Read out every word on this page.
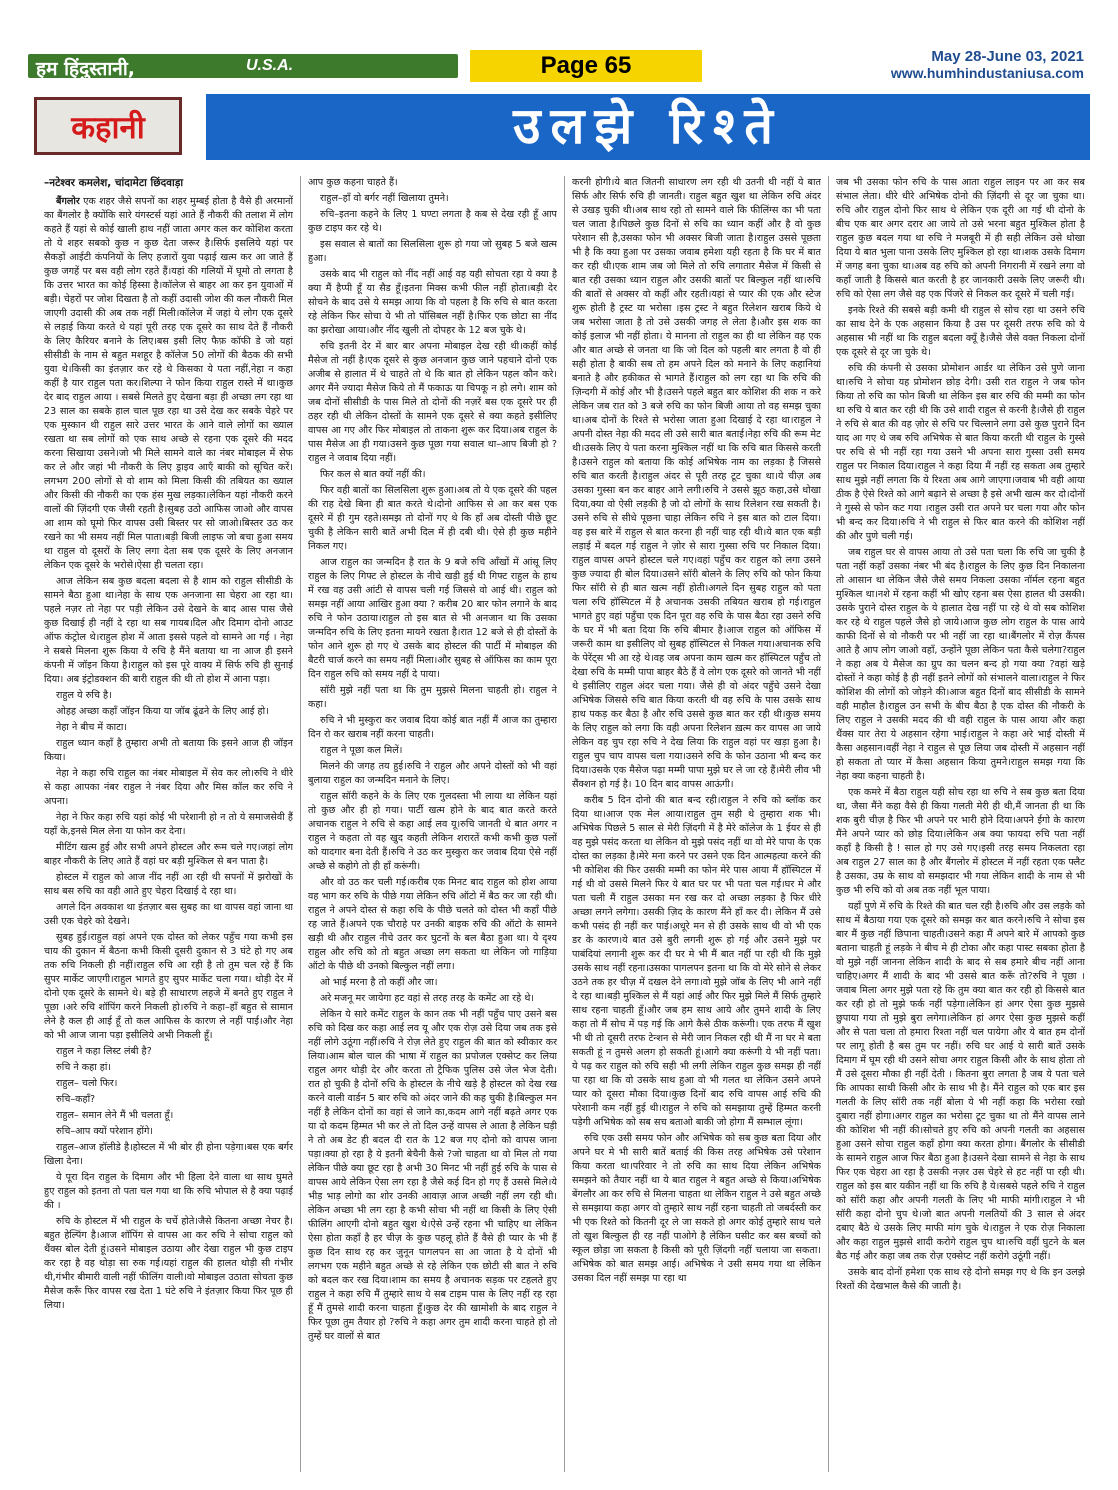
हम हिंदुस्तानी,	U.S.A.	Page 65	May 28-June 03, 2021
www.humhindustaniusa.com
कहानी	उलझे रिश्ते

–नटेश्वर कमलेश, चांदामेटा छिंदवाड़ा

बैंगलोर एक शहर जैसे सपनों का शहर मुम्बई होता है वैसे ही अरमानों का बैंगलोर है क्योंकि सारे यंगस्टर्स यहां आते हैं नौकरी की तलाश में लोग कहते हैं यहां से कोई खाली हाथ नहीं जाता अगर कल कर कोशिश करता तो ये शहर सबको कुछ न कुछ देता जरूर है।सिर्फ इसलिये यहां पर सैकड़ों आईटी कंपनियों के लिए हजारों युवा पढ़ाई खत्म कर आ जाते हैं कुछ जगहें पर बस वही लोग रहते हैं।यहां की गलियों में घूमो तो लगता है कि उत्तर भारत का कोई हिस्सा है।कॉलेज से बाहर आ कर इन युवाओं में बड़ी। चेहरों पर जोश दिखता है तो कहीं उदासी जोश की कल नौकरी मिल जाएगी उदासी की अब तक नहीं मिली।कॉलेज में जहां ये लोग एक दूसरे से लड़ाई किया करते थे यहां पूरी तरह एक दूसरे का साथ देते हैं नौकरी के लिए कैरियर बनाने के लिए।बस इसी लिए फैफ़ कॉफी डे जो यहां सीसीडी के नाम से बहुत मशहूर है कॉलेज 50 लोगों की बैठक की सभी युवा थे।किसी का इंतज़ार कर रहे थे किसका ये पता नहीं,नेहा न कहा कहीं है यार राहुल पता कर।शिल्पा ने फोन किया राहुल रास्ते में था।कुछ देर बाद राहुल आया । सबसे मिलते हुए देखना बड़ा ही अच्छा लग रहा था 23 साल का सबके हाल चाल पूछ रहा था उसे देख कर सबके चेहरे पर एक मुस्कान थी राहुल सारे उत्तर भारत के आने वाले लोगों का ख्याल रखता था सब लोगों को एक साथ अच्छे से रहना एक दूसरे की मदद करना सिखाया उसने।जो भी मिले सामने वाले का नंबर मोबाइल में सेफ कर ले और जहां भी नौकरी के लिए ड्राइव आएँ बाकी को सूचित करें।लगभग 200 लोगों से वो शाम को मिला किसी की तबियत का ख्याल और किसी की नौकरी का एक हंस मुख लड़का।लेकिन यहां नौकरी करने वालों की ज़िंदगी एक जैसी रहती है।सुबह उठो आफिस जाओ और वापस आ शाम को घूमो फिर वापस उसी बिस्तर पर सो जाओ।बिस्तर उठ कर रखने का भी समय नहीं मिल पाता।बड़ी बिजी लाइफ जो बचा हुआ समय था राहुल वो दूसरों के लिए लगा देता सब एक दूसरे के लिए अनजान लेकिन एक दूसरे के भरोसे।ऐसा ही चलता रहा।

आज लेकिन सब कुछ बदला बदला से है शाम को राहुल सीसीडी के सामने बैठा हुआ था।नेहा के साथ एक अनजाना सा चेहरा आ रहा था।पहले नज़र तो नेहा पर पड़ी लेकिन उसे देखने के बाद आस पास जैसे कुछ दिखाई ही नहीं दे रहा था सब गायब।दिल और दिमाग दोनो आउट ऑफ कंट्रोल थे।राहुल होश में आता इससे पहले वो सामने आ गई । नेहा ने सबसे मिलना शुरू किया ये रुचि है मैंने बताया था ना आज ही इसने कंपनी में जॉइन किया है।राहुल को इस पूरे वाक्य में सिर्फ रुचि ही सुनाई दिया। अब इंट्रोडक्शन की बारी राहुल की थी तो होश में आना पड़ा।

राहुल ये रुचि है।

ओहह अच्छा कहाँ जॉइन किया या जॉब ढूंढने के लिए आई हो।

नेहा ने बीच में काटा।

राहुल ध्यान कहाँ है तुम्हारा अभी तो बताया कि इसने आज ही जॉइन किया।

नेहा ने कहा रुचि राहुल का नंबर मोबाइल में सेव कर लो।रुचि ने धीरे से कहा आपका नंबर राहुल ने नंबर दिया और मिस कॉल कर रुचि ने अपना।

नेहा ने फिर कहा रुचि यहां कोई भी परेशानी हो न तो ये समाजसेवी हैं यहाँ के,इनसे मिल लेना या फोन कर देना।

मीटिंग खत्म हुई और सभी अपने होस्टल और रूम चले गए।जहां लोग बाहर नौकरी के लिए आते हैं वहां घर बड़ी मुश्किल से बन पाता है।

होस्टल में राहुल को आज नींद नहीं आ रही थी सपनों में झरोखों के साथ बस रुचि का वही आते हुए चेहरा दिखाई दे रहा था।

अगले दिन अवकाश था इंतज़ार बस सुबह का था वापस वहां जाना था उसी एक चेहरे को देखने।

सुबह हुई।राहुल वहां अपने एक दोस्त को लेकर पहुँच गया कभी इस चाय की दुकान में बैठना कभी किसी दूसरी दुकान से 3 घंटे हो गए अब तक रुचि निकली ही नहीं।राहुल रुचि आ रही है तो तुम चल रहे हैं कि सुपर मार्केट जाएगी।राहुल भागते हुए सुपर मार्केट चला गया। थोड़ी देर में दोनो एक दूसरे के सामने थे। बड़े ही साधारण लहजे में बनते हुए राहुल ने पूछा ।अरे रुचि शॉपिंग करने निकली हो।रुचि ने कहा–हाँ बहुत से सामान लेने है कल ही आई हूँ तो कल आफिस के कारण ले नहीं पाई।और नेहा को भी आज जाना पड़ा इसीलिये अभी निकली हूँ।

राहुल ने कहा लिस्ट लंबी है?

रुचि ने कहा हां।

राहुल– चलो फिर।

रुचि–कहाँ?

राहुल– समान लेने मैं भी चलता हूँ।

रुचि–आप क्यों परेशान होंगे।

राहुल–आज हॉलीडे है।होस्टल में भी बोर ही होना पड़ेगा।बस एक बर्गर खिला देना।

ये पूरा दिन राहुल के दिमाग और भी हिला देने वाला था साथ घुमते हुए राहुल को इतना तो पता चल गया था कि रुचि भोपाल से है क्या पढ़ाई की ।

रुचि के होस्टल में भी राहुल के चर्चे होते।जैसे कितना अच्छा नेचर है।बहुत हेल्पिंग है।आज शॉपिंग से वापस आ कर रुचि ने सोचा राहुल को थैंक्स बोल देती हूं।उसने मोबाइल उठाया और देखा राहुल भी कुछ टाइप कर रहा है वह थोड़ा सा रुक गई।यहां राहुल की हालत थोड़ी सी गंभीर थी,गंभीर बीमारी वाली नहीं फीलिंग वाली।वो मोबाइल उठाता सोचता कुछ मैसेज करूँ फिर वापस रख देता 1 घंटे रुचि ने इंतज़ार किया फिर पूछ ही लिया।

आप कुछ कहना चाहते हैं।

राहुल–हाँ वो बर्गर नहीं खिलाया तुमने।

रुचि–इतना कहने के लिए 1 घण्टा लगता है कब से देख रही हूँ आप कुछ टाइप कर रहे थे।

इस सवाल से बातों का सिलसिला शुरू हो गया जो सुबह 5 बजे खत्म हुआ।

उसके बाद भी राहुल को नींद नहीं आई वह यही सोचता रहा ये क्या है क्या मैं हैप्पी हूँ या सैड हूँ।इतना मिक्स कभी फील नहीं होता।बड़ी देर सोचने के बाद उसे ये समझ आया कि वो पहला है कि रुचि से बात करता रहे लेकिन फिर सोचा ये भी तो पॉसिबल नहीं है।फिर एक छोटा सा नींद का झरोखा आया।और नींद खुली तो दोपहर के 12 बज चुके थे।

रुचि इतनी देर में बार बार अपना मोबाइल देख रही थी।कहीं कोई मैसेज तो नहीं है।एक दूसरे से कुछ अनजान कुछ जाने पहचाने दोनो एक अजीब से हालात में थे चाहते तो थे कि बात हो लेकिन पहल कौन करे।अगर मैंने ज्यादा मैसेज किये तो मैं फकाऊ या चिपकू न हो लगे। शाम को जब दोनों सीसीडी के पास मिले तो दोनों की नज़रें बस एक दूसरे पर ही ठहर रही थी लेकिन दोस्तों के सामने एक दूसरे से क्या कहते इसीलिए वापस आ गए और फिर मोबाइल तो ताकना शुरू कर दिया।अब राहुल के पास मैसेज आ ही गया।उसने कुछ पूछा गया सवाल था–आप बिजी हो ?राहुल ने जवाब दिया नहीं।

फिर कल से बात क्यों नहीं की।

फिर वही बातों का सिलसिला शुरू हुआ।अब तो ये एक दूसरे की पहल की राह देखे बिना ही बात करते थे।दोनो आफिस से आ कर बस एक दूसरे में ही गुम रहते।समझ तो दोनों गए थे कि हाँ अब दोस्ती पीछे छूट चुकी है लेकिन सारी बातें अभी दिल में ही दबी थी। ऐसे ही कुछ महीने निकल गए।

आज राहुल का जन्मदिन है रात के 9 बजे रुचि आँखों में आंसू लिए राहुल के लिए गिफ्ट ले होस्टल के नीचे खड़ी हुई थी गिफ्ट राहुल के हाथ में रख वह उसी आंटी से वापस चली गई जिससे वो आई थी। राहुल को समझ नहीं आया आखिर हुआ क्या ? करीब 20 बार फोन लगाने के बाद रुचि ने फोन उठाया।राहुल तो इस बात से भी अनजान था कि उसका जन्मदिन रुचि के लिए इतना मायने रखता है।रात 12 बजे से ही दोस्तों के फोन आने शुरू हो गए थे उसके बाद होस्टल की पार्टी में मोबाइल की बैटरी चार्ज करने का समय नहीं मिला।और सुबह से ऑफिस का काम पूरा दिन राहुल रुचि को समय नहीं दे पाया।

सॉरी मुझे नहीं पता था कि तुम मुझसे मिलना चाहती हो। राहुल ने कहा।

रुचि ने भी मुस्कुरा कर जवाब दिया कोई बात नहीं मैं आज का तुम्हारा दिन रो कर खराब नहीं करना चाहती।

राहुल ने पूछा कल मिलें।

मिलने की जगह तय हुई।रुचि ने राहुल और अपने दोस्तों को भी वहां बुलाया राहुल का जन्मदिन मनाने के लिए।

राहुल सॉरी कहने के के लिए एक गुलदस्ता भी लाया था लेकिन यहां तो कुछ और ही हो गया। पार्टी खत्म होने के बाद बात करते करते अचानक राहुल ने रुचि से कहा आई लव यू।रुचि जानती थे बात अगर न राहुल ने कहता तो वह खुद कहती लेकिन शरारतें कभी कभी कुछ पलों को यादगार बना देती हैं।रुचि ने उठ कर मुस्कुरा कर जवाब दिया ऐसे नहीं अच्छे से कहोगे तो ही हाँ करूंगी।

और वो उठ कर चली गई।करीब एक मिनट बाद राहुल को होश आया वह भाग कर रुचि के पीछे गया लेकिन रुचि ऑटो में बैठ कर जा रही थी।राहुल ने अपने दोस्त से कहा रुचि के पीछे चलते को दोस्त भी कहाँ पीछे रह जाते हैं।अपने एक चौराहे पर उनकी बाइक रुचि की ऑटो के सामने खड़ी थी और राहुल नीचे उतर कर घुटनों के बल बैठा हुआ था। ये दृश्य राहुल और रुचि को तो बहुत अच्छा लग सकता था लेकिन जो गाड़िया ऑटो के पीछे थी उनको बिल्कुल नहीं लगा।

ओ भाई मरना है तो कहीं और जा।

अरे मजनू मर जायेगा हट वहां से तरह तरह के कमेंट आ रहे थे।

लेकिन ये सारे कमेंट राहुल के कान तक भी नहीं पहुँच पाए उसने बस रुचि को दिख कर कहा आई लव यू और एक रोज़ उसे दिया जब तक इसे नहीं लोगे उठूंगा नहीं।रुचि ने रोज़ लेते हुए राहुल की बात को स्वीकार कर लिया।आम बोल चाल की भाषा में राहुल का प्रपोजल एक्सेप्ट कर लिया राहुल अगर थोड़ी देर और करता तो ट्रैफिक पुलिस उसे जेल भेज देती। रात हो चुकी है दोनों रुचि के होस्टल के नीचे खड़े है होस्टल को देख रख करने वाली वार्डन 5 बार रुचि को अंदर जाने की कह चुकी है।बिल्कुल मन नहीं है लेकिन दोनों का वहां से जाने का,कदम आगे नहीं बढ़ते अगर एक या दो कदम हिम्मत भी कर ले तो दिल उन्हें वापस ले आता है लेकिन घड़ी ने तो अब डेट ही बदल दी रात के 12 बज गए दोनो को वापस जाना पड़ा।क्या हो रहा है ये इतनी बेचैनी कैसे ?जो चाहता था वो मिल तो गया लेकिन पीछे क्या छूट रहा है अभी 30 मिनट भी नहीं हुई रुचि के पास से वापस आये लेकिन ऐसा लग रहा है जैसे कई दिन हो गए हैं उससे मिले।ये भीड़ भाड़ लोगो का शोर उनकी आवाज़ आज अच्छी नहीं लग रही थी।लेकिन अच्छा भी लग रहा है कभी सोचा भी नहीं था किसी के लिए ऐसी फीलिंग आएगी दोनो बहुत खुश थे।ऐसे उन्हें रहना भी चाहिए था लेकिन ऐसा होता कहाँ है हर चीज़ के कुछ पहलू होते हैं वैसे ही प्यार के भी हैं कुछ दिन साथ रह कर जुनून पागलपन सा आ जाता है ये दोनों भी लगभग एक महीने बहुत अच्छे से रहे लेकिन एक छोटी सी बात ने रुचि को बदल कर रख दिया।शाम का समय है अचानक सड़क पर टहलते हुए राहुल ने कहा रुचि मैं तुम्हारे साथ ये सब टाइम पास के लिए नहीं रह रहा हूँ मैं तुमसे शादी करना चाहता हूँ।कुछ देर की खामोशी के बाद राहुल ने फिर पूछा तुम तैयार हो ?रुचि ने कहा अगर तुम शादी करना चाहते हो तो तुम्हें घर वालों से बात

करनी होगी।ये बात जितनी साधारण लग रही थी उतनी थी नहीं ये बात सिर्फ और सिर्फ रुचि ही जानती। राहुल बहुत खुश था लेकिन रुचि अंदर से उखड़ चुकी थी।अब साथ रहो तो सामने वाले कि फीलिंग्स का भी पता चल जाता है।पिछले कुछ दिनों से रुचि का ध्यान कहीं और है वो कुछ परेशान सी है,उसका फोन भी अक्सर बिजी जाता है।राहुल उससे पूछता भी है कि क्या हुआ पर उसका जवाब हमेशा यही रहता है कि घर में बात कर रही थी।एक शाम जब जो मिले तो रुचि लगातार मैसेज में किसी से बात रही उसका ध्यान राहुल और उसकी बातों पर बिल्कुल नहीं था।रुचि की बातों से अक्सर वो कहीं और रहती।यहां से प्यार की एक और स्टेज शुरू होती है ट्रस्ट या भरोसा ।इस ट्रस्ट ने बहुत रिलेशन खराब किये थे जब भरोसा जाता है तो उसे उसकी जगह ले लेता है।और इस शक का कोई इलाज भी नहीं होता। ये मानना तो राहुल का ही था लेकिन वह एक और बात अच्छे से जनता था कि जो दिल को पहली बार लगता है वो ही सही होता है बाकी सब तो हम अपने दिल को मनाने के लिए कहानियां बनाते है और हकीकत से भागते हैं।राहुल को लग रहा था कि रुचि की ज़िन्दगी में कोई और भी है।उसने पहले बहुत बार कोशिश की शक न करे लेकिन जब रात को 3 बजे रुचि का फोन बिजी आया तो वह समझ चुका था।अब दोनों के रिश्ते से भरोसा जाता हुआ दिखाई दे रहा था।राहुल ने अपनी दोस्त नेहा की मदद ली उसे सारी बात बताई।नेहा रुचि की रूम मेट थी।उसके लिए ये पता करना मुश्किल नहीं था कि रुचि बात किससे करती है।उसने राहुल को बताया कि कोई अभिषेक नाम का लड़का है जिससे रुचि बात करती है।राहुल अंदर से पूरी तरह टूट चुका था।ये चीज़ अब उसका गुस्सा बन कर बाहर आने लगी।रुचि ने उससे झूठ कहा,उसे धोखा दिया,क्या वो ऐसी लड़की है जो दो लोगों के साथ रिलेशन रख सकती है।उसने रुचि से सीधे पूछना चाहा लेकिन रुचि ने इस बात को टाल दिया। वह इस बारे में राहुल से बात करना ही नहीं चाह रही थी।ये बात एक बड़ी लड़ाई में बदल गई राहुल ने ज़ोर से सारा गुस्सा रुचि पर निकाल दिया।राहुल वापस अपने होस्टल चले गए।वहां पहुँच कर राहुल को लगा उसने कुछ ज्यादा ही बोल दिया।उसने सॉरी बोलने के लिए रुचि को फोन किया फिर सॉरी से ही बात खत्म नहीं होती।अगले दिन सुबह राहुल को पता चला रुचि हॉस्पिटल में है अचानक उसकी तबियत खराब हो गई।राहुल भागते हुए वहां पहुँचा एक दिन पूरा वह रुचि के पास बैठा रहा उसने रुचि के घर में भी बता दिया कि रुचि बीमार है।आज राहुल को ऑफिस में जरूरी काम था इसीलिए वो सुबह हॉस्पिटल से निकल गया।अचानक रुचि के पेरेंट्स भी आ रहे थे।वह जब अपना काम खत्म कर हॉस्पिटल पहुँच तो देखा रुचि के मम्मी पापा बाहर बैठे हैं वे लोग एक दूसरे को जानते भी नहीं थे इसीलिए राहुल अंदर चला गया। जैसे ही वो अंदर पहुँचे उसने देखा अभिषेक जिससे रुचि बात किया करती थी वह रुचि के पास उसके साथ हाथ पकड़ कर बैठा है और रुचि उससे कुछ बात कर रही थी।कुछ समय के लिए राहुल को लगा कि वही अपना रिलेशन ख़त्म कर वापस आ जाये लेकिन वह चुप रहा रुचि ने देख लिया कि राहुल वहां पर खड़ा हुआ है।राहुल चुप चाप वापस चला गया।उसने रुचि के फोन उठाना भी बन्द कर दिया।उसके एक मैसेज पढ़ा मम्मी पापा मुझे घर ले जा रहे हैं।मेरी लीव भी सैंक्शन हो गई है। 10 दिन बाद वापस आऊंगी।

करीब 5 दिन दोनो की बात बन्द रही।राहुल ने रुचि को ब्लॉक कर दिया था।आज एक मेल आया।राहुल तुम सही थे तुम्हारा शक भी।अभिषेक पिछले 5 साल से मेरी ज़िंदगी में है मेरे कॉलेज के 1 ईयर से ही वह मुझे पसंद करता था लेकिन वो मुझे पसंद नहीं था वो मेरे पापा के एक दोस्त का लड़का है।मेरे मना करने पर उसने एक दिन आत्महत्या करने की भी कोशिश की फिर उसकी मम्मी का फोन मेरे पास आया मैं हॉस्पिटल में गई थी वो उससे मिलने फिर ये बात घर पर भी पता चल गई।घर मे और पता चली मैं राहुल उसका मन रख कर दो अच्छा लड़का है फिर धीरे अच्छा लगने लगेगा। उसकी ज़िद के कारण मैंने हाँ कर दी। लेकिन मैं उसे कभी पसंद ही नहीं कर पाई।अधूरे मन से ही उसके साथ थी वो भी एक डर के कारण।ये बात उसे बुरी लगनी शुरू हो गई और उसने मुझे पर पाबंदियां लगानी शुरू कर दी घर मे भी मैं बात नहीं पा रही थी कि मुझे उसके साथ नहीं रहना।उसका पागलपन इतना था कि वो मेरे सोने से लेकर उठने तक हर चीज़ में दखल देने लगा।वो मुझे जॉब के लिए भी आने नहीं दे रहा था।बड़ी मुश्किल से मैं यहां आई और फिर मुझे मिले मैं सिर्फ तुम्हारे साथ रहना चाहती हूँ।और जब हम साथ आये और तुमने शादी के लिए कहा तो मैं सोच में पड़ गई कि आगे कैसे ठीक करूंगी। एक तरफ मैं खुश भी थी तो दूसरी तरफ टेन्शन से मेरी जान निकल रही थी मैं ना घर मे बता सकती हूं न तुमसे अलग हो सकती हूं।आगे क्या करूंगी ये भी नहीं पता। ये पढ़ कर राहुल को रुचि सही भी लगी लेकिन राहुल कुछ समझ ही नहीं पा रहा था कि वो उसके साथ हुआ वो भी गलत था लेकिन उसने अपने प्यार को दूसरा मौका दिया।कुछ दिनों बाद रुचि वापस आई रुचि की परेशानी कम नहीं हुई थी।राहुल ने रुचि को समझाया तुम्हें हिम्मत करनी पड़ेगी अभिषेक को सब सच बताओ बाकी जो होगा मैं सम्भाल लूंगा।

रुचि एक उसी समय फोन और अभिषेक को सब कुछ बता दिया और अपने घर मे भी सारी बातें बताई की किस तरह अभिषेक उसे परेशान किया करता था।परिवार ने तो रुचि का साथ दिया लेकिन अभिषेक समझने को तैयार नहीं था ये बात राहुल ने बहुत अच्छे से किया।अभिषेक बेंगलौर आ कर रुचि से मिलना चाहता था लेकिन राहुल ने उसे बहुत अच्छे से समझाया कहा अगर वो तुम्हारे साथ नहीं रहना चाहती तो जबर्दस्ती कर भी एक रिश्ते को कितनी दूर ले जा सकते हो अगर कोई तुम्हारे साथ चले तो खुश बिल्कुल ही रह नहीं पाओगे है लेकिन घसीट कर बस बच्चों को स्कूल छोड़ा जा सकता है किसी को पूरी ज़िंदगी नहीं चलाया जा सकता।अभिषेक को बात समझ आई। अभिषेक ने उसी समय गया था लेकिन उसका दिल नहीं समझ पा रहा था

जब भी उसका फोन रुचि के पास आता राहुल लाइन पर आ कर सब संभाल लेता। धीरे धीरे अभिषेक दोनो की ज़िंदगी से दूर जा चुका था। रुचि और राहुल दोनो फिर साथ थे लेकिन एक दूरी आ गई थी दोनो के बीच एक बार अगर दरार आ जाये तो उसे भरना बहुत मुश्किल होता है राहुल कुछ बदल गया था रुचि ने मजबूरी में ही सही लेकिन उसे धोखा दिया ये बात भुला पाना उसके लिए मुश्किल हो रहा था।शक उसके दिमाग में जगह बना चुका था।अब वह रुचि को अपनी निगरानी में रखने लगा वो कहाँ जाती है किससे बात करती है हर जानकारी उसके लिए जरूरी थी।रुचि को ऐसा लग जैसे वह एक पिंजरे से निकल कर दूसरे में चली गई।

इनके रिश्ते की सबसे बड़ी कमी थी राहुल से सोच रहा था उसने रुचि का साथ देने के एक अहसान किया है उस पर दूसरी तरफ रुचि को ये अहसास भी नहीं था कि राहुल बदला क्यूँ है।जैसे जैसे वक्त निकला दोनों एक दूसरे से दूर जा चुके थे।

रुचि की कंपनी से उसका प्रोमोशन आर्डर था लेकिन उसे पुणे जाना था।रुचि ने सोचा यह प्रोमोशन छोड़ देगी। उसी रात राहुल ने जब फोन किया तो रुचि का फोन बिजी था लेकिन इस बार रुचि की मम्मी का फोन था रुचि ये बात कर रही थी कि उसे शादी राहुल से करनी है।जैसे ही राहुल ने रुचि से बात की वह ज़ोर से रुचि पर चिल्लाने लगा उसे कुछ पुराने दिन याद आ गए थे जब रुचि अभिषेक से बात किया करती थी राहुल के गुस्से पर रुचि से भी नहीं रहा गया उसने भी अपना सारा गुस्सा उसी समय राहुल पर निकाल दिया।राहुल ने कहा दिया मैं नहीं रह सकता अब तुम्हारे साथ मुझे नहीं लगता कि ये रिश्ता अब आगे जाएगा।जवाब भी वही आया ठीक है ऐसे रिश्ते को आगे बढ़ाने से अच्छा है इसे अभी खत्म कर दो।दोनों ने गुस्से से फोन कट गया ।राहुल उसी रात अपने घर चला गया और फोन भी बन्द कर दिया।रुचि ने भी राहुल से फिर बात करने की कोशिश नहीं की और पुणे चली गई।

जब राहुल घर से वापस आया तो उसे पता चला कि रुचि जा चुकी है पता नहीं कहाँ उसका नंबर भी बंद है।राहुल के लिए कुछ दिन निकालना तो आसान था लेकिन जैसे जैसे समय निकला उसका नॉर्मल रहना बहुत मुश्किल था।नशे में रहना कहीं भी खोए रहना बस ऐसा हालत थी उसकी।उसके पुराने दोस्त राहुल के ये हालात देख नहीं पा रहे थे वो सब कोशिश कर रहे थे राहुल पहले जैसे हो जाये।आज कुछ लोग राहुल के पास आये काफी दिनों से वो नौकरी पर भी नहीं जा रहा था।बैंगलोर में रोज़ कैंपस आते है आप लोग जाओ वहाँ, उन्होंने पूछा लेकिन पता कैसे चलेगा?राहुल ने कहा अब ये मैसेज का ग्रुप का चलन बन्द हो गया क्या ?वहां खड़े दोस्तों ने कहा कोई है ही नहीं इतने लोगों को संभालने वाला।राहुल ने फिर कोशिश की लोगों को जोड़ने की।आज बहुत दिनों बाद सीसीडी के सामने वही माहौल है।राहुल उन सभी के बीच बैठा है एक दोस्त की नौकरी के लिए राहुल ने उसकी मदद की थी वही राहुल के पास आया और कहा थैंक्स यार तेरा ये अहसान रहेगा भाई।राहुल ने कहा अरे भाई दोस्ती में कैसा अहसान।वहीं नेहा ने राहुल से पूछ लिया जब दोस्ती में अहसान नहीं हो सकता तो प्यार में कैसा अहसान किया तुमने।राहुल समझ गया कि नेहा क्या कहना चाहती है।

एक कमरे में बैठा राहुल यही सोच रहा था रुचि ने सब कुछ बता दिया था, जैसा मैंने कहा वैसे ही किया गलती मेरी ही थी,मैं जानता ही था कि शक बुरी चीज़ है फिर भी अपने पर भारी होने दिया।अपने ईगो के कारण मैंने अपने प्यार को छोड़ दिया।लेकिन अब क्या फायदा रुचि पता नहीं कहाँ है किसी है ! साल हो गए उसे गए।इसी तरह समय निकलता रहा अब राहुल 27 साल का है और बैंगलोर में होस्टल में नहीं रहता एक फ्लैट है उसका, उम्र के साथ वो समझदार भी गया लेकिन शादी के नाम से भी कुछ भी रुचि को वो अब तक नहीं भूल पाया।

यहाँ पुणे में रुचि के रिश्ते की बात चल रही है।रुचि और उस लड़के को साथ में बैठाया गया एक दूसरे को समझ कर बात करने।रुचि ने सोचा इस बार मैं कुछ नहीं छिपाना चाहती।उसने कहा मैं अपने बारे में आपको कुछ बताना चाहती हूं लड़के ने बीच मे ही टोका और कहा पास्ट सबका होता है वो मुझे नहीं जानना लेकिन शादी के बाद से सब हमारे बीच नहीं आना चाहिए।अगर मैं शादी के बाद भी उससे बात करूँ तो?रुचि ने पूछा । जवाब मिला अगर मुझे पता रहे कि तुम क्या बात कर रही हो किससे बात कर रही हो तो मुझे फर्क नहीं पड़ेगा।लेकिन हां अगर ऐसा कुछ मुझसे छुपाया गया तो मुझे बुरा लगेगा।लेकिन हां अगर ऐसा कुछ मुझसे कहीं और से पता चला तो हमारा रिश्ता नहीं चल पायेगा और ये बात हम दोनों पर लागू होती है बस तुम पर नहीं। रुचि घर आई ये सारी बातें उसके दिमाग में घूम रही थी उसने सोचा अगर राहुल किसी और के साथ होता तो मैं उसे दूसरा मौका ही नहीं देती । कितना बुरा लगता है जब ये पता चले कि आपका साथी किसी और के साथ भी है। मैंने राहुल को एक बार इस गलती के लिए सॉरी तक नहीं बोला ये भी नहीं कहा कि भरोसा रखो दुबारा नहीं होगा।अगर राहुल का भरोसा टूट चुका था तो मैंने वापस लाने की कोशिश भी नहीं की।सोचते हुए रुचि को अपनी गलती का अहसास हुआ उसने सोचा राहुल कहाँ होगा क्या करता होगा। बैंगलोर के सीसीडी के सामने राहुल आज फिर बैठा हुआ है।उसने देखा सामने से नेहा के साथ फिर एक चेहरा आ रहा है उसकी नज़र उस चेहरे से हट नहीं पा रही थी।राहुल को इस बार यकीन नहीं था कि रुचि है ये।सबसे पहले रुचि ने राहुल को सॉरी कहा और अपनी गलती के लिए भी माफी मांगी।राहुल ने भी सॉरी कहा दोनो चुप थे।जो बात अपनी गलतियों की 3 साल से अंदर दबाए बैठे थे उसके लिए माफी मांग चुके थे।राहुल ने एक रोज़ निकाला और कहा राहुल मुझसे शादी करोगे राहुल चुप था।रुचि वहीं घुटने के बल बैठ गई और कहा जब तक रोज़ एक्सेप्ट नहीं करोगे उठूंगी नहीं।

उसके बाद दोनों हमेशा एक साथ रहे दोनो समझ गए थे कि इन उलझे रिश्तों की देखभाल कैसे की जाती है।
